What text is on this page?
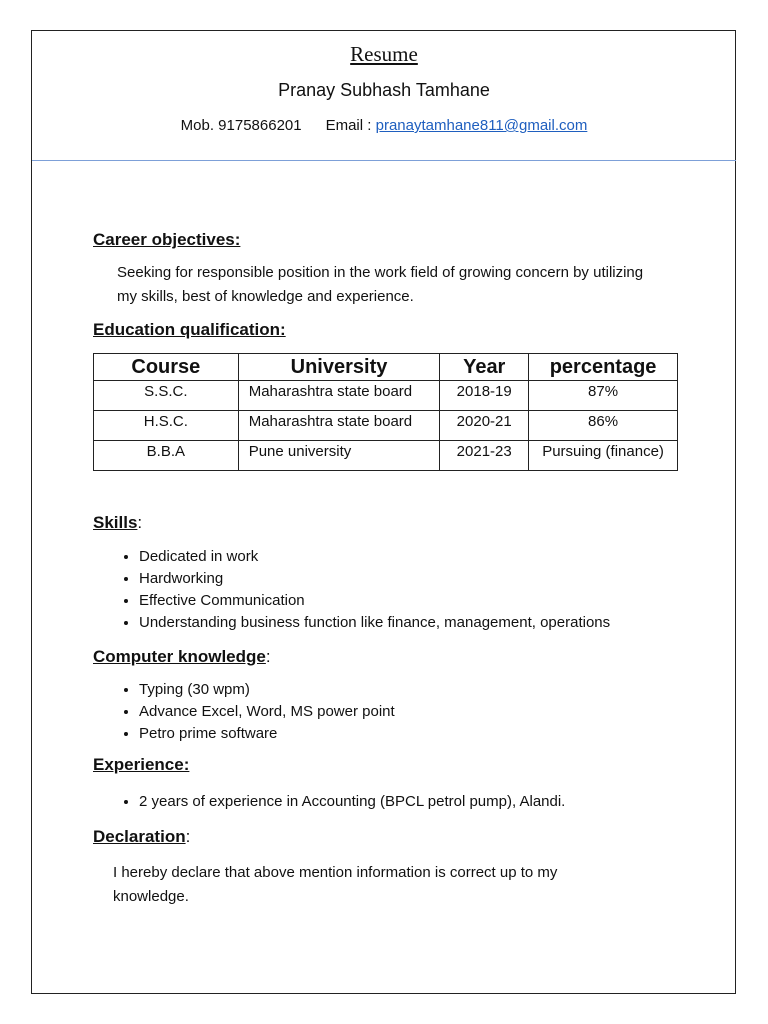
Resume
Pranay Subhash Tamhane
Mob. 9175866201 Email : pranaytamhane811@gmail.com
Career objectives:
Seeking for responsible position in the work field of growing concern by utilizing my skills, best of knowledge and experience.
Education qualification:
Course	University	Year	percentage
S.S.C.	Maharashtra state board	2018-19	87%
H.S.C.	Maharashtra state board	2020-21	86%
B.B.A	Pune university	2021-23	Pursuing (finance)
Skills:
• Dedicated in work
• Hardworking
• Effective Communication
• Understanding business function like finance, management, operations
Computer knowledge:
• Typing (30 wpm)
• Advance Excel, Word, MS power point
• Petro prime software
Experience:
• 2 years of experience in Accounting (BPCL petrol pump), Alandi.
Declaration:
I hereby declare that above mention information is correct up to my knowledge.
